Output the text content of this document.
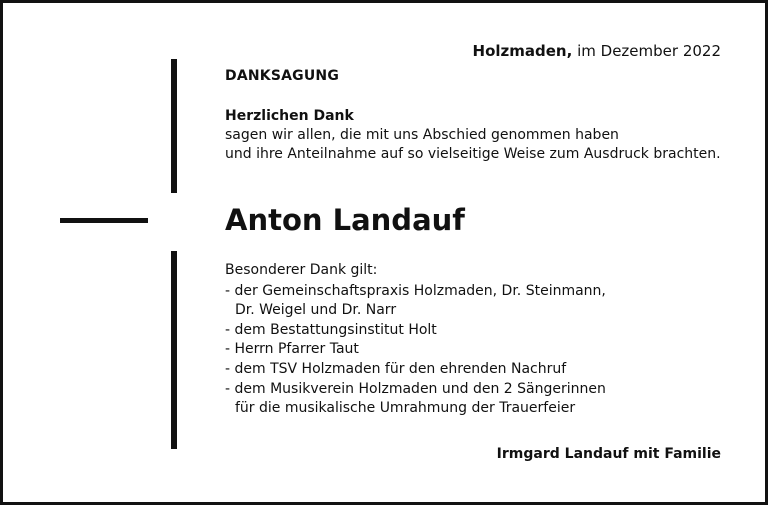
Holzmaden, im Dezember 2022
DANKSAGUNG
Herzlichen Dank
sagen wir allen, die mit uns Abschied genommen haben
und ihre Anteilnahme auf so vielseitige Weise zum Ausdruck brachten.
Anton Landauf
Besonderer Dank gilt:
- der Gemeinschaftspraxis Holzmaden, Dr. Steinmann,
Dr. Weigel und Dr. Narr
- dem Bestattungsinstitut Holt
- Herrn Pfarrer Taut
- dem TSV Holzmaden für den ehrenden Nachruf
- dem Musikverein Holzmaden und den 2 Sängerinnen
für die musikalische Umrahmung der Trauerfeier
Irmgard Landauf mit Familie
